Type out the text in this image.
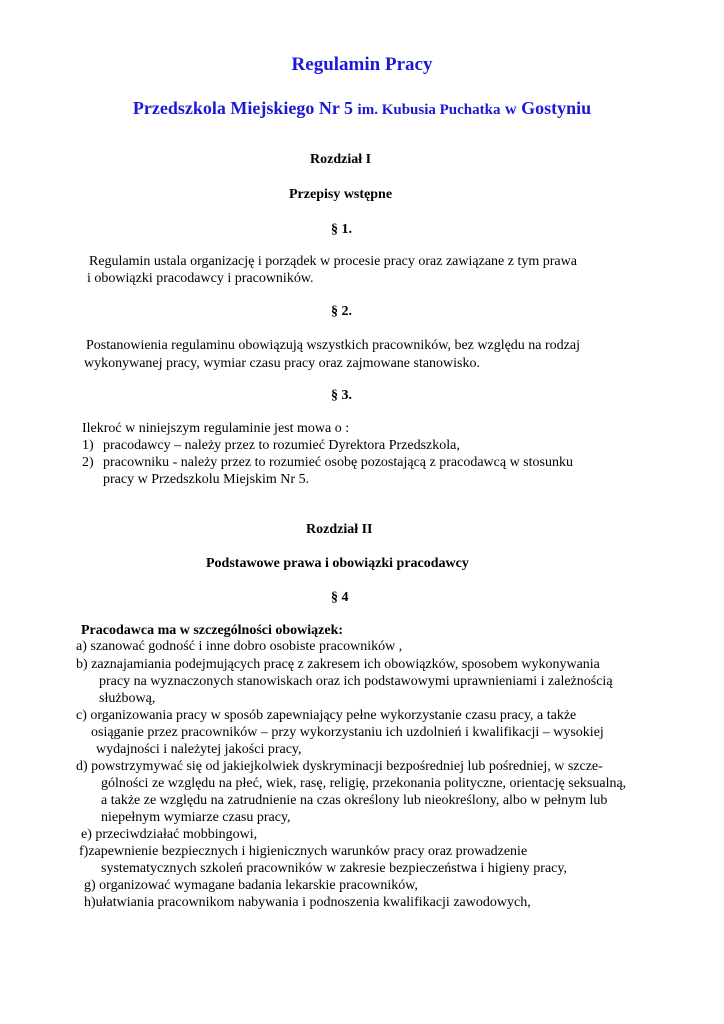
Regulamin Pracy
Przedszkola Miejskiego Nr 5 im. Kubusia Puchatka w Gostyniu
Rozdział I
Przepisy wstępne
§ 1.
Regulamin ustala organizację i porządek w procesie pracy oraz zawiązane z tym prawa
i obowiązki pracodawcy i pracowników.
§ 2.
Postanowienia regulaminu obowiązują wszystkich pracowników, bez względu na rodzaj
wykonywanej pracy, wymiar czasu pracy oraz zajmowane stanowisko.
§ 3.
Ilekroć w niniejszym regulaminie jest mowa o :
1) pracodawcy – należy przez to rozumieć Dyrektora Przedszkola,
2) pracowniku - należy przez to rozumieć osobę pozostającą z pracodawcą w stosunku
pracy w Przedszkolu Miejskim Nr 5.
Rozdział II
Podstawowe prawa i obowiązki pracodawcy
§ 4
Pracodawca ma w szczególności obowiązek:
a) szanować godność i inne dobro osobiste pracowników ,
b) zaznajamiania podejmujących pracę z zakresem ich obowiązków, sposobem wykonywania
pracy na wyznaczonych stanowiskach oraz ich podstawowymi uprawnieniami i zależnością
służbową,
c) organizowania pracy w sposób zapewniający pełne wykorzystanie czasu pracy, a także
osiąganie przez pracowników – przy wykorzystaniu ich uzdolnień i kwalifikacji – wysokiej
wydajności i należytej jakości pracy,
d) powstrzymywać się od jakiejkolwiek dyskryminacji bezpośredniej lub pośredniej, w szcze-
gólności ze względu na płeć, wiek, rasę, religię, przekonania polityczne, orientację seksualną,
a także ze względu na zatrudnienie na czas określony lub nieokreślony, albo w pełnym lub
niepełnym wymiarze czasu pracy,
e) przeciwdziałać mobbingowi,
f)zapewnienie bezpiecznych i higienicznych warunków pracy oraz prowadzenie
systematycznych szkoleń pracowników w zakresie bezpieczeństwa i higieny pracy,
g) organizować wymagane badania lekarskie pracowników,
h)ułatwiania pracownikom nabywania i podnoszenia kwalifikacji zawodowych,
